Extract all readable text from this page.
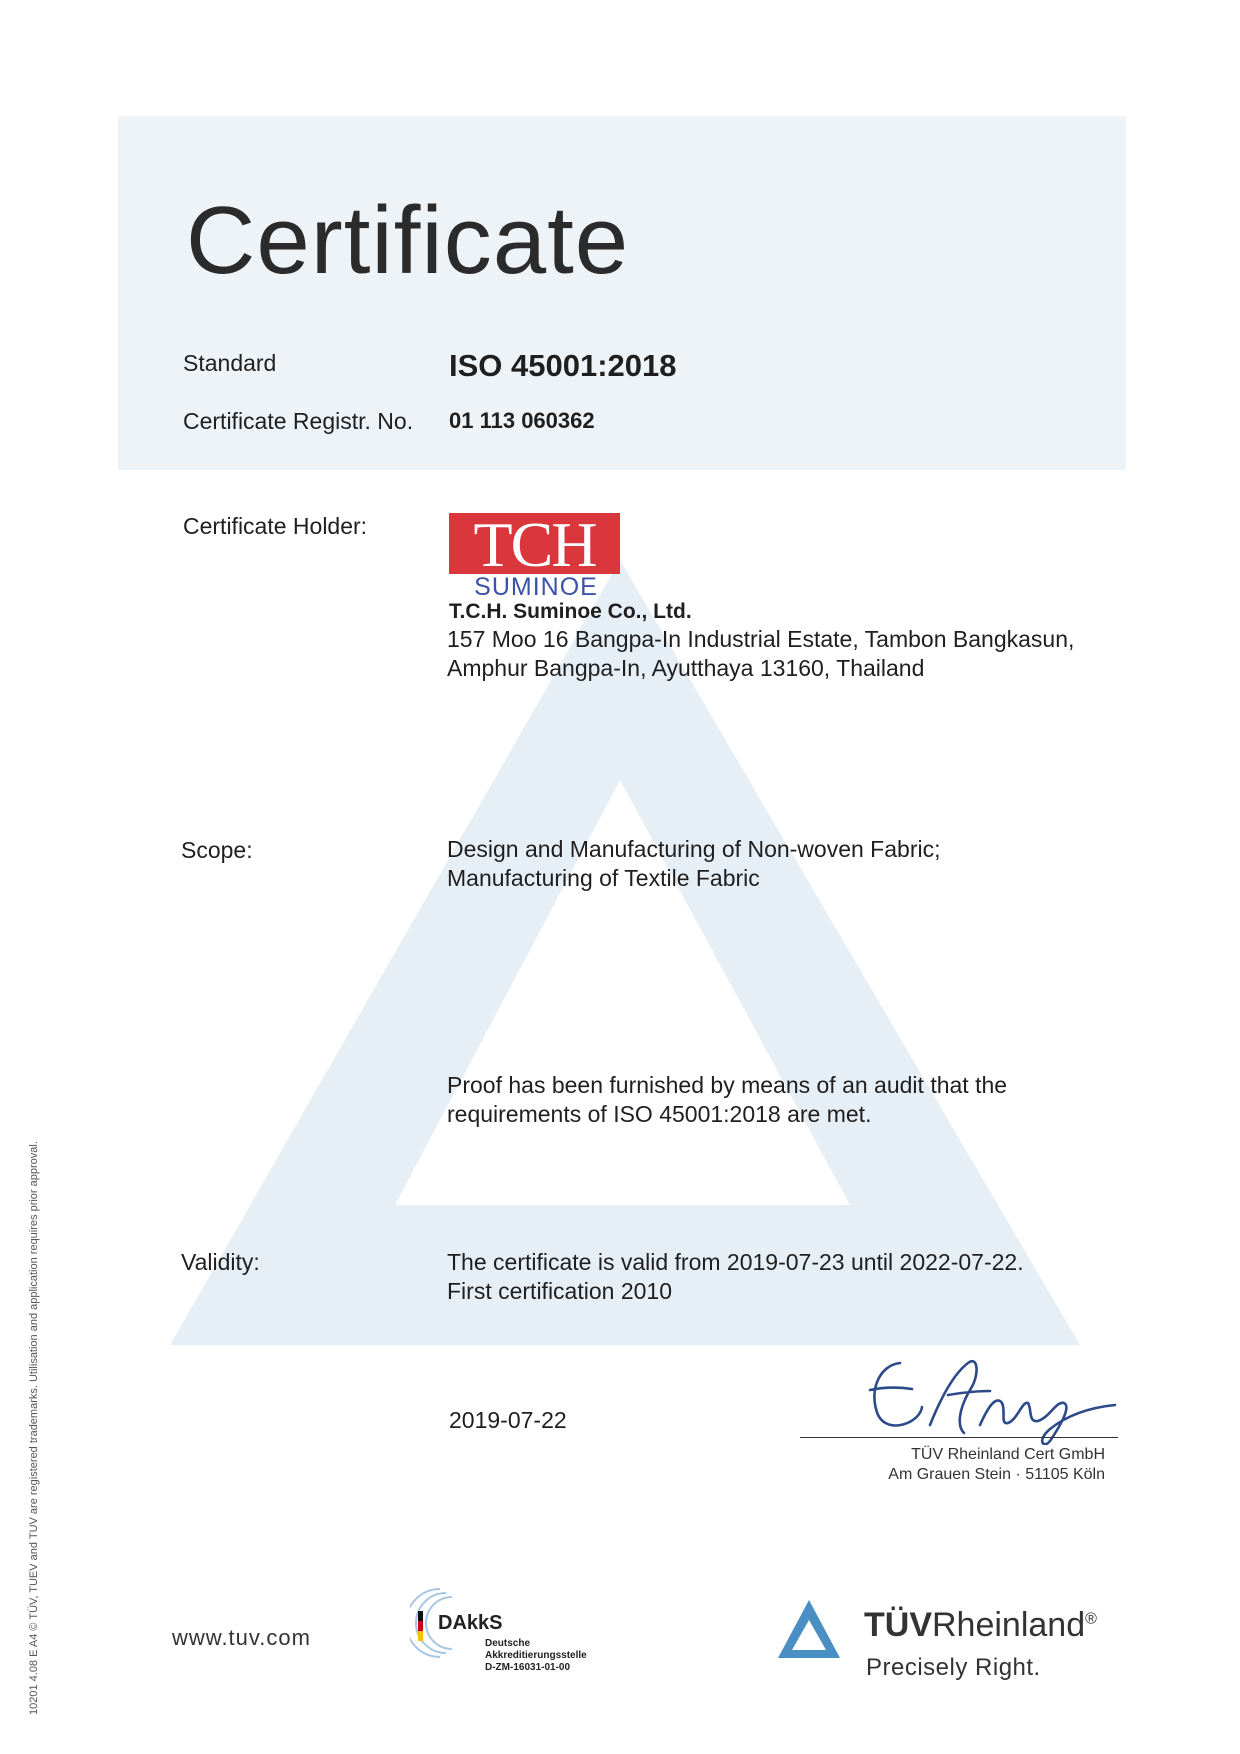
10201 4.08 E A4 © TÜV, TUEV and TUV are registered trademarks. Utilisation and application requires prior approval.
Certificate
Standard	ISO 45001:2018
Certificate Registr. No. 01 113 060362
Certificate Holder:	TCH
SUMINOE
T.C.H. Suminoe Co., Ltd.
157 Moo 16 Bangpa-In Industrial Estate, Tambon Bangkasun,
Amphur Bangpa-In, Ayutthaya 13160, Thailand
Scope:	Design and Manufacturing of Non-woven Fabric;
Manufacturing of Textile Fabric
Proof has been furnished by means of an audit that the
requirements of ISO 45001:2018 are met.
Validity:	The certificate is valid from 2019-07-23 until 2022-07-22.
First certification 2010
2019-07-22
TÜV Rheinland Cert GmbH
Am Grauen Stein · 51105 Köln
www.tuv.com
DAkkS
Deutsche
Akkreditierungsstelle
D-ZM-16031-01-00
TÜVRheinland®
Precisely Right.
